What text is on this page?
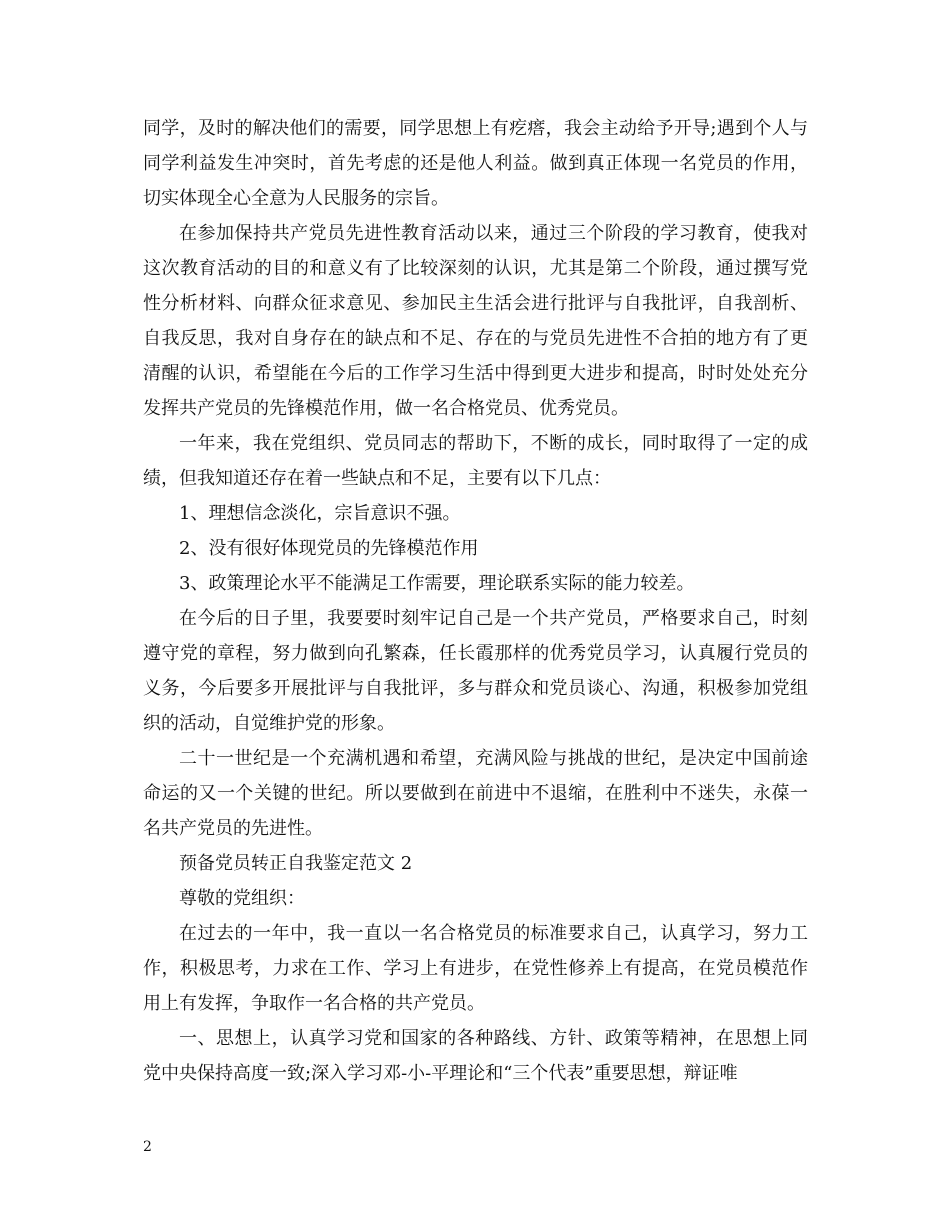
同学，及时的解决他们的需要，同学思想上有疙瘩，我会主动给予开导;遇到个人与同学利益发生冲突时，首先考虑的还是他人利益。做到真正体现一名党员的作用，切实体现全心全意为人民服务的宗旨。

在参加保持共产党员先进性教育活动以来，通过三个阶段的学习教育，使我对这次教育活动的目的和意义有了比较深刻的认识，尤其是第二个阶段，通过撰写党性分析材料、向群众征求意见、参加民主生活会进行批评与自我批评，自我剖析、自我反思，我对自身存在的缺点和不足、存在的与党员先进性不合拍的地方有了更清醒的认识，希望能在今后的工作学习生活中得到更大进步和提高，时时处处充分发挥共产党员的先锋模范作用，做一名合格党员、优秀党员。

一年来，我在党组织、党员同志的帮助下，不断的成长，同时取得了一定的成绩，但我知道还存在着一些缺点和不足，主要有以下几点：

1、理想信念淡化，宗旨意识不强。

2、没有很好体现党员的先锋模范作用

3、政策理论水平不能满足工作需要，理论联系实际的能力较差。

在今后的日子里，我要要时刻牢记自己是一个共产党员，严格要求自己，时刻遵守党的章程，努力做到向孔繁森，任长霞那样的优秀党员学习，认真履行党员的义务，今后要多开展批评与自我批评，多与群众和党员谈心、沟通，积极参加党组织的活动，自觉维护党的形象。

二十一世纪是一个充满机遇和希望，充满风险与挑战的世纪，是决定中国前途命运的又一个关键的世纪。所以要做到在前进中不退缩，在胜利中不迷失，永葆一名共产党员的先进性。

预备党员转正自我鉴定范文 2

尊敬的党组织：

在过去的一年中，我一直以一名合格党员的标准要求自己，认真学习，努力工作，积极思考，力求在工作、学习上有进步，在党性修养上有提高，在党员模范作用上有发挥，争取作一名合格的共产党员。

一、思想上，认真学习党和国家的各种路线、方针、政策等精神，在思想上同党中央保持高度一致;深入学习邓-小-平理论和“三个代表”重要思想，辩证唯

2
